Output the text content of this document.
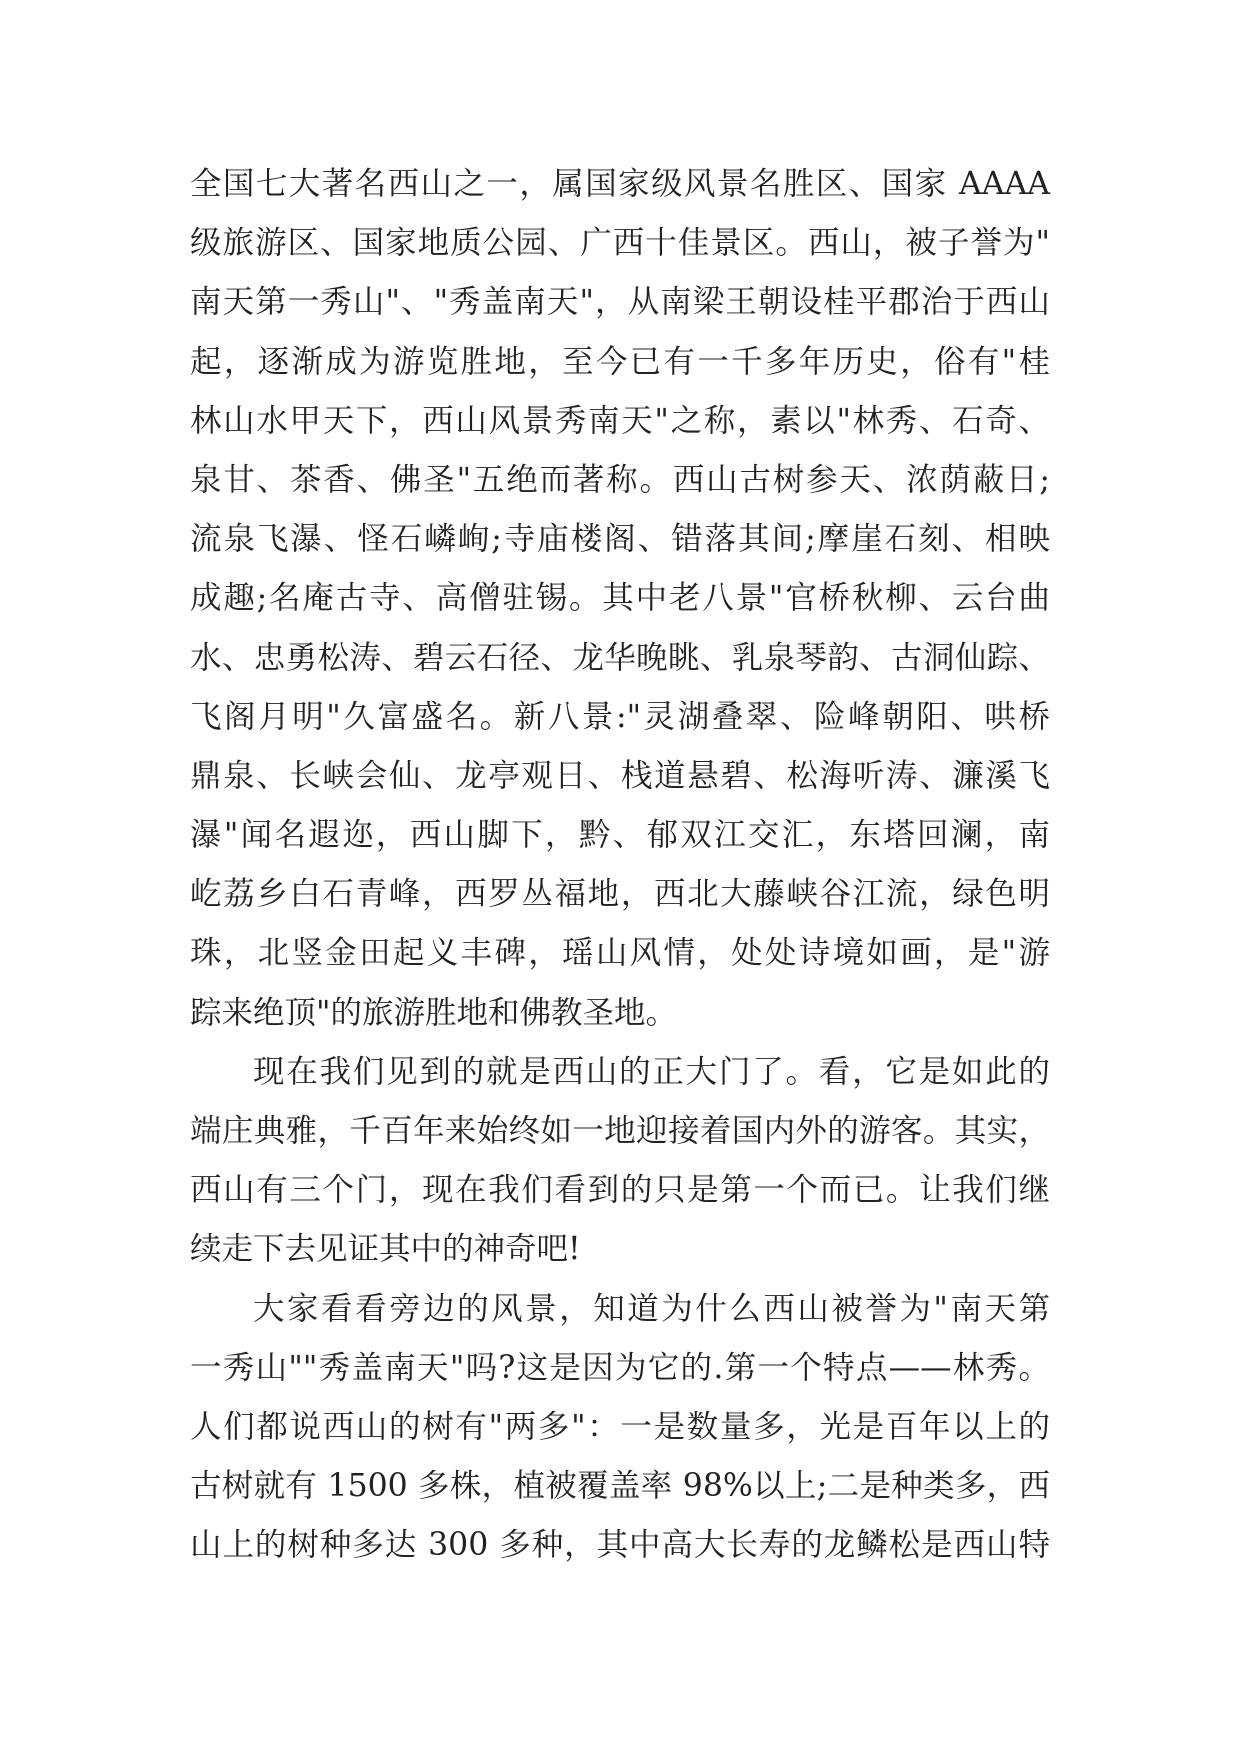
全国七大著名西山之一，属国家级风景名胜区、国家 AAAA
级旅游区、国家地质公园、广西十佳景区。西山，被子誉为"
南天第一秀山"、"秀盖南天"，从南梁王朝设桂平郡治于西山
起，逐渐成为游览胜地，至今已有一千多年历史，俗有"桂
林山水甲天下，西山风景秀南天"之称，素以"林秀、石奇、
泉甘、茶香、佛圣"五绝而著称。西山古树参天、浓荫蔽日;
流泉飞瀑、怪石嶙峋;寺庙楼阁、错落其间;摩崖石刻、相映
成趣;名庵古寺、高僧驻锡。其中老八景"官桥秋柳、云台曲
水、忠勇松涛、碧云石径、龙华晚眺、乳泉琴韵、古洞仙踪、
飞阁月明"久富盛名。新八景:"灵湖叠翠、险峰朝阳、哄桥
鼎泉、长峡会仙、龙亭观日、栈道悬碧、松海听涛、濂溪飞
瀑"闻名遐迩，西山脚下，黔、郁双江交汇，东塔回澜，南
屹荔乡白石青峰，西罗丛福地，西北大藤峡谷江流，绿色明
珠，北竖金田起义丰碑，瑶山风情，处处诗境如画，是"游
踪来绝顶"的旅游胜地和佛教圣地。
现在我们见到的就是西山的正大门了。看，它是如此的
端庄典雅，千百年来始终如一地迎接着国内外的游客。其实，
西山有三个门，现在我们看到的只是第一个而已。让我们继
续走下去见证其中的神奇吧!
大家看看旁边的风景，知道为什么西山被誉为"南天第
一秀山""秀盖南天"吗?这是因为它的.第一个特点——林秀。
人们都说西山的树有"两多"：一是数量多，光是百年以上的
古树就有 1500 多株，植被覆盖率 98%以上;二是种类多，西
山上的树种多达 300 多种，其中高大长寿的龙鳞松是西山特
